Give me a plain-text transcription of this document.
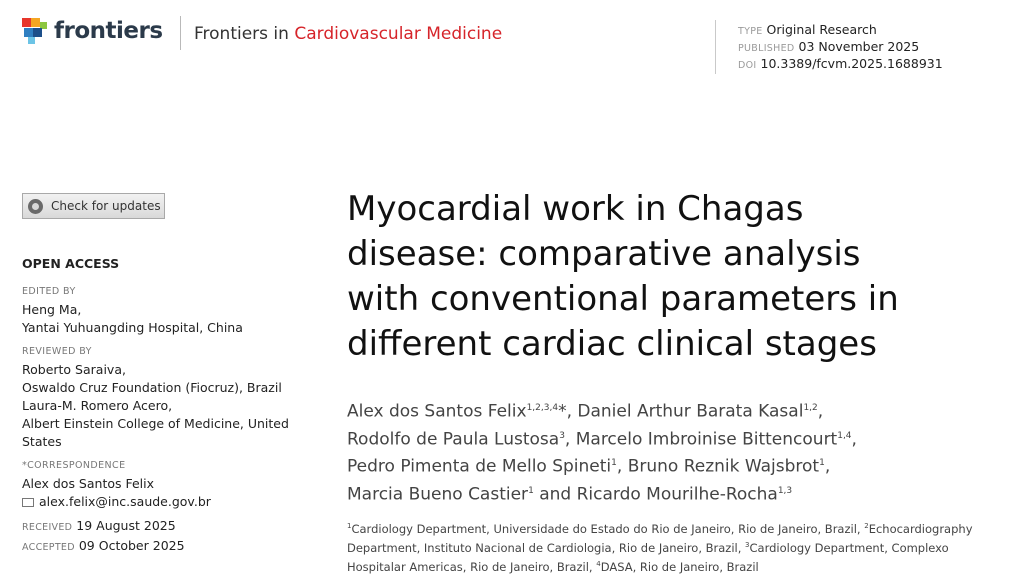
frontiers Frontiers in Cardiovascular Medicine	TYPE Original Research
PUBLISHED 03 November 2025
DOI 10.3389/fcvm.2025.1688931
Check for updates
OPEN ACCESS
EDITED BY
Heng Ma,
Yantai Yuhuangding Hospital, China
REVIEWED BY
Roberto Saraiva,
Oswaldo Cruz Foundation (Fiocruz), Brazil
Laura-M. Romero Acero,
Albert Einstein College of Medicine, United States
*CORRESPONDENCE
Alex dos Santos Felix
alex.felix@inc.saude.gov.br
RECEIVED 19 August 2025
ACCEPTED 09 October 2025
Myocardial work in Chagas
disease: comparative analysis
with conventional parameters in
different cardiac clinical stages
Alex dos Santos Felix$^{1,2,3,4}$*, Daniel Arthur Barata Kasal$^{1,2}$,
Rodolfo de Paula Lustosa$^3$, Marcelo Imbroinise Bittencourt$^{1,4}$,
Pedro Pimenta de Mello Spineti$^1$, Bruno Reznik Wajsbrot$^1$,
Marcia Bueno Castier$^1$ and Ricardo Mourilhe-Rocha$^{1,3}$
$^1$Cardiology Department, Universidade do Estado do Rio de Janeiro, Rio de Janeiro, Brazil, $^2$Echocardiography Department, Instituto Nacional de Cardiologia, Rio de Janeiro, Brazil, $^3$Cardiology Department, Complexo Hospitalar Americas, Rio de Janeiro, Brazil, $^4$DASA, Rio de Janeiro, Brazil
